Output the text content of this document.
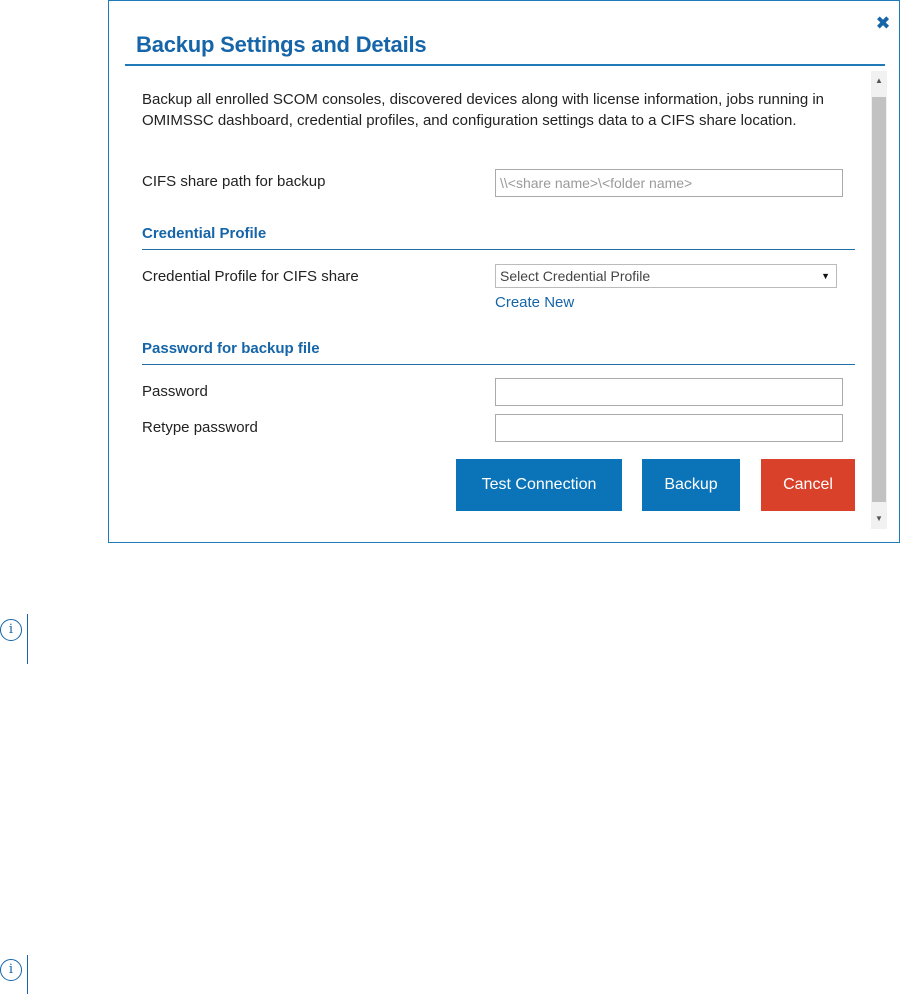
✖
Backup Settings and Details
Backup all enrolled SCOM consoles, discovered devices along with license information, jobs running in OMIMSSC dashboard, credential profiles, and configuration settings data to a CIFS share location.
CIFS share path for backup
\\<share name>\<folder name>
Credential Profile
Credential Profile for CIFS share	Select Credential Profile	▼
Create New
Password for backup file
Password
Retype password
Test Connection	Backup	Cancel
▲
▼
i
i
